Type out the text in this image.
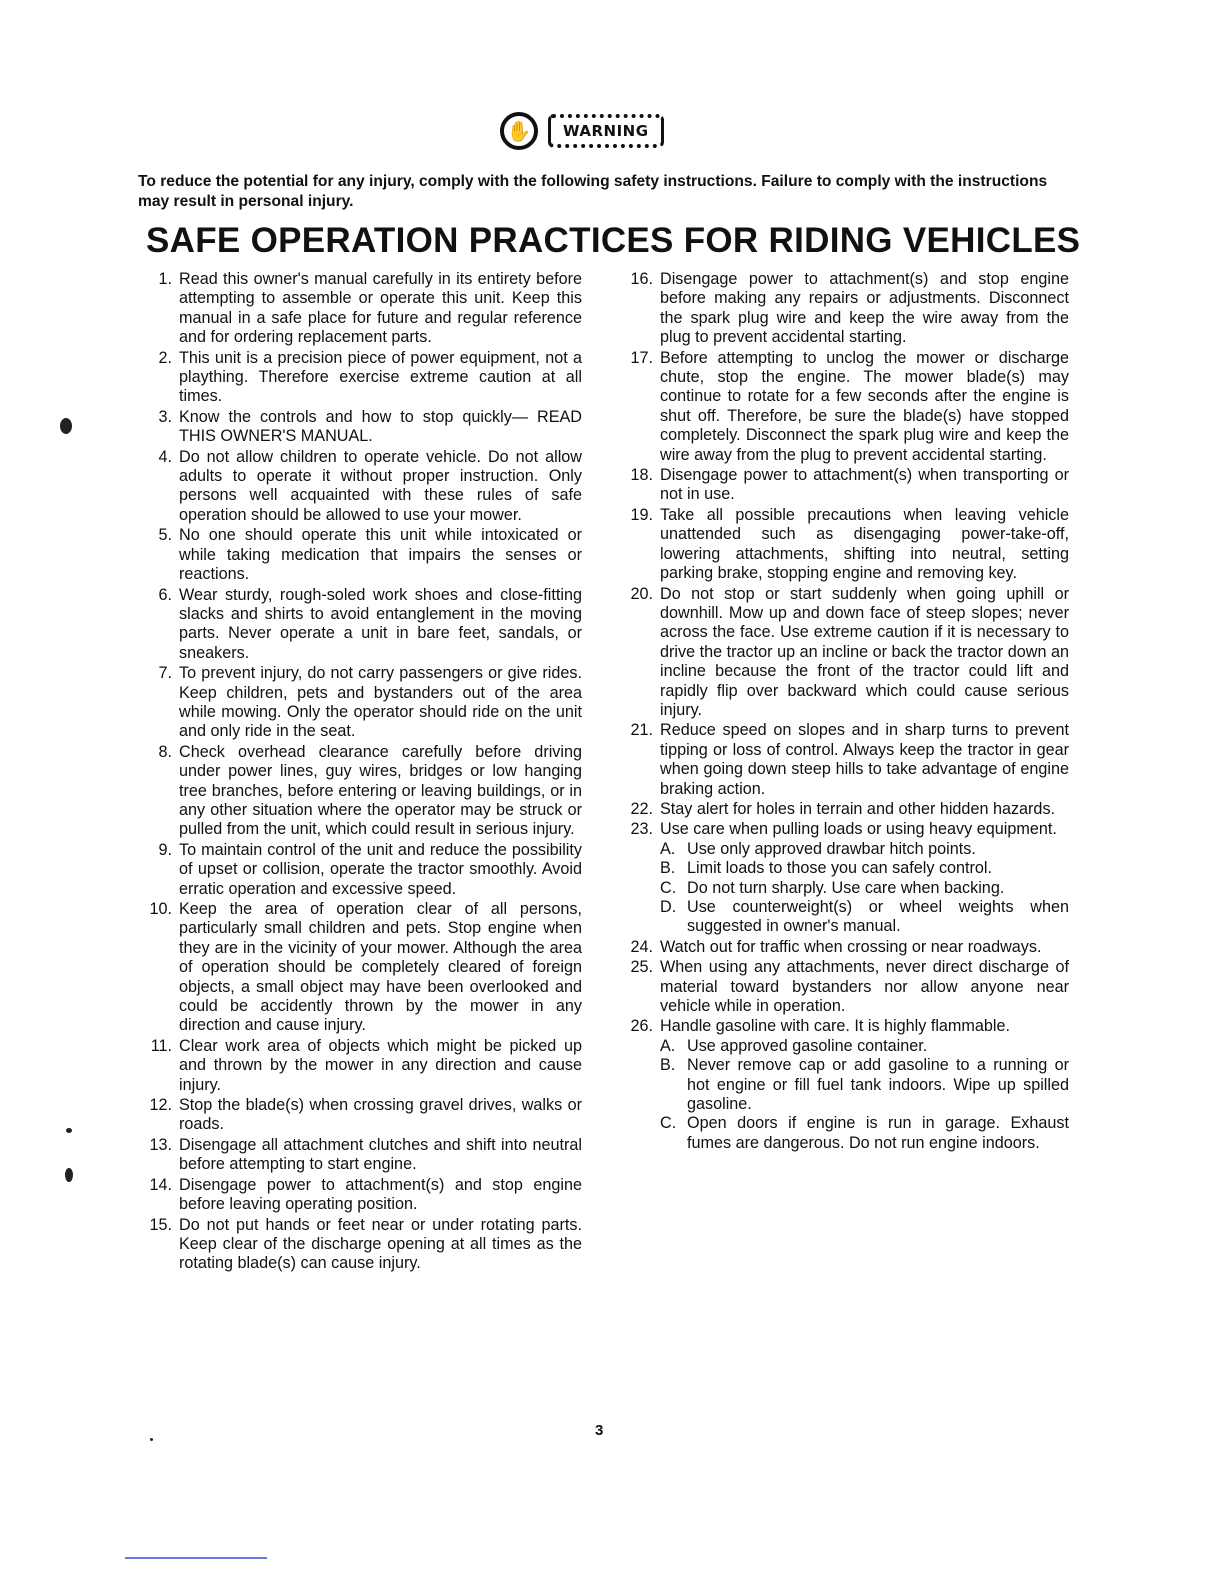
✋	WARNING
To reduce the potential for any injury, comply with the following safety instructions. Failure to comply with the instructions may result in personal injury.
SAFE OPERATION PRACTICES FOR RIDING VEHICLES
1. Read this owner's manual carefully in its entirety before attempting to assemble or operate this unit. Keep this manual in a safe place for future and regular reference and for ordering replacement parts.
2. This unit is a precision piece of power equipment, not a plaything. Therefore exercise extreme caution at all times.
3. Know the controls and how to stop quickly— READ THIS OWNER'S MANUAL.
4. Do not allow children to operate vehicle. Do not allow adults to operate it without proper instruction. Only persons well acquainted with these rules of safe operation should be allowed to use your mower.
5. No one should operate this unit while intoxicated or while taking medication that impairs the senses or reactions.
6. Wear sturdy, rough-soled work shoes and close-fitting slacks and shirts to avoid entanglement in the moving parts. Never operate a unit in bare feet, sandals, or sneakers.
7. To prevent injury, do not carry passengers or give rides. Keep children, pets and bystanders out of the area while mowing. Only the operator should ride on the unit and only ride in the seat.
8. Check overhead clearance carefully before driving under power lines, guy wires, bridges or low hanging tree branches, before entering or leaving buildings, or in any other situation where the operator may be struck or pulled from the unit, which could result in serious injury.
9. To maintain control of the unit and reduce the possibility of upset or collision, operate the tractor smoothly. Avoid erratic operation and excessive speed.
10. Keep the area of operation clear of all persons, particularly small children and pets. Stop engine when they are in the vicinity of your mower. Although the area of operation should be completely cleared of foreign objects, a small object may have been overlooked and could be accidently thrown by the mower in any direction and cause injury.
11. Clear work area of objects which might be picked up and thrown by the mower in any direction and cause injury.
12. Stop the blade(s) when crossing gravel drives, walks or roads.
13. Disengage all attachment clutches and shift into neutral before attempting to start engine.
14. Disengage power to attachment(s) and stop engine before leaving operating position.
15. Do not put hands or feet near or under rotating parts. Keep clear of the discharge opening at all times as the rotating blade(s) can cause injury.
16. Disengage power to attachment(s) and stop engine before making any repairs or adjustments. Disconnect the spark plug wire and keep the wire away from the plug to prevent accidental starting.
17. Before attempting to unclog the mower or discharge chute, stop the engine. The mower blade(s) may continue to rotate for a few seconds after the engine is shut off. Therefore, be sure the blade(s) have stopped completely. Disconnect the spark plug wire and keep the wire away from the plug to prevent accidental starting.
18. Disengage power to attachment(s) when transporting or not in use.
19. Take all possible precautions when leaving vehicle unattended such as disengaging power-take-off, lowering attachments, shifting into neutral, setting parking brake, stopping engine and removing key.
20. Do not stop or start suddenly when going uphill or downhill. Mow up and down face of steep slopes; never across the face. Use extreme caution if it is necessary to drive the tractor up an incline or back the tractor down an incline because the front of the tractor could lift and rapidly flip over backward which could cause serious injury.
21. Reduce speed on slopes and in sharp turns to prevent tipping or loss of control. Always keep the tractor in gear when going down steep hills to take advantage of engine braking action.
22. Stay alert for holes in terrain and other hidden hazards.
23. Use care when pulling loads or using heavy equipment.
A. Use only approved drawbar hitch points.
B. Limit loads to those you can safely control.
C. Do not turn sharply. Use care when backing.
D. Use counterweight(s) or wheel weights when suggested in owner's manual.
24. Watch out for traffic when crossing or near roadways.
25. When using any attachments, never direct discharge of material toward bystanders nor allow anyone near vehicle while in operation.
26. Handle gasoline with care. It is highly flammable.
A. Use approved gasoline container.
B. Never remove cap or add gasoline to a running or hot engine or fill fuel tank indoors. Wipe up spilled gasoline.
C. Open doors if engine is run in garage. Exhaust fumes are dangerous. Do not run engine indoors.
3
